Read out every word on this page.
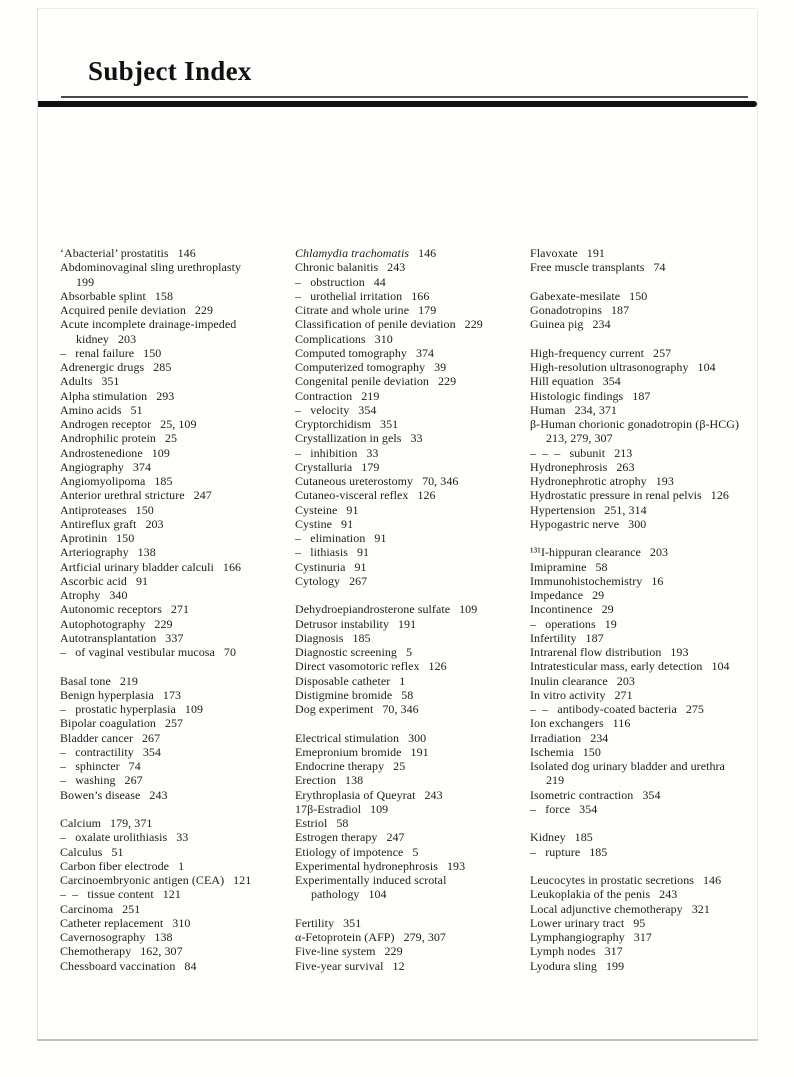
Subject Index
‘Abacterial’ prostatitis 146
Abdominovaginal sling urethroplasty
199
Absorbable splint 158
Acquired penile deviation 229
Acute incomplete drainage-impeded
kidney 203
–   renal failure 150
Adrenergic drugs 285
Adults 351
Alpha stimulation 293
Amino acids 51
Androgen receptor 25, 109
Androphilic protein 25
Androstenedione 109
Angiography 374
Angiomyolipoma 185
Anterior urethral stricture 247
Antiproteases 150
Antireflux graft 203
Aprotinin 150
Arteriography 138
Artficial urinary bladder calculi 166
Ascorbic acid 91
Atrophy 340
Autonomic receptors 271
Autophotography 229
Autotransplantation 337
–   of vaginal vestibular mucosa 70
Basal tone 219
Benign hyperplasia 173
–   prostatic hyperplasia 109
Bipolar coagulation 257
Bladder cancer 267
–   contractility 354
–   sphincter 74
–   washing 267
Bowen’s disease 243
Calcium 179, 371
–   oxalate urolithiasis 33
Calculus 51
Carbon fiber electrode 1
Carcinoembryonic antigen (CEA) 121
–  –   tissue content 121
Carcinoma 251
Catheter replacement 310
Cavernosography 138
Chemotherapy 162, 307
Chessboard vaccination 84
Chlamydia trachomatis 146
Chronic balanitis 243
–   obstruction 44
–   urothelial irritation 166
Citrate and whole urine 179
Classification of penile deviation 229
Complications 310
Computed tomography 374
Computerized tomography 39
Congenital penile deviation 229
Contraction 219
–   velocity 354
Cryptorchidism 351
Crystallization in gels 33
–   inhibition 33
Crystalluria 179
Cutaneous ureterostomy 70, 346
Cutaneo-visceral reflex 126
Cysteine 91
Cystine 91
–   elimination 91
–   lithiasis 91
Cystinuria 91
Cytology 267
Dehydroepiandrosterone sulfate 109
Detrusor instability 191
Diagnosis 185
Diagnostic screening 5
Direct vasomotoric reflex 126
Disposable catheter 1
Distigmine bromide 58
Dog experiment 70, 346
Electrical stimulation 300
Emepronium bromide 191
Endocrine therapy 25
Erection 138
Erythroplasia of Queyrat 243
17β-Estradiol 109
Estriol 58
Estrogen therapy 247
Etiology of impotence 5
Experimental hydronephrosis 193
Experimentally induced scrotal
pathology 104
Fertility 351
α-Fetoprotein (AFP) 279, 307
Five-line system 229
Five-year survival 12
Flavoxate 191
Free muscle transplants 74
Gabexate-mesilate 150
Gonadotropins 187
Guinea pig 234
High-frequency current 257
High-resolution ultrasonography 104
Hill equation 354
Histologic findings 187
Human 234, 371
β-Human chorionic gonadotropin (β-HCG)
213, 279, 307
–  –  –   subunit 213
Hydronephrosis 263
Hydronephrotic atrophy 193
Hydrostatic pressure in renal pelvis 126
Hypertension 251, 314
Hypogastric nerve 300
¹³¹I-hippuran clearance 203
Imipramine 58
Immunohistochemistry 16
Impedance 29
Incontinence 29
–   operations 19
Infertility 187
Intrarenal flow distribution 193
Intratesticular mass, early detection 104
Inulin clearance 203
In vitro activity 271
–  –   antibody-coated bacteria 275
Ion exchangers 116
Irradiation 234
Ischemia 150
Isolated dog urinary bladder and urethra
219
Isometric contraction 354
–   force 354
Kidney 185
–   rupture 185
Leucocytes in prostatic secretions 146
Leukoplakia of the penis 243
Local adjunctive chemotherapy 321
Lower urinary tract 95
Lymphangiography 317
Lymph nodes 317
Lyodura sling 199
